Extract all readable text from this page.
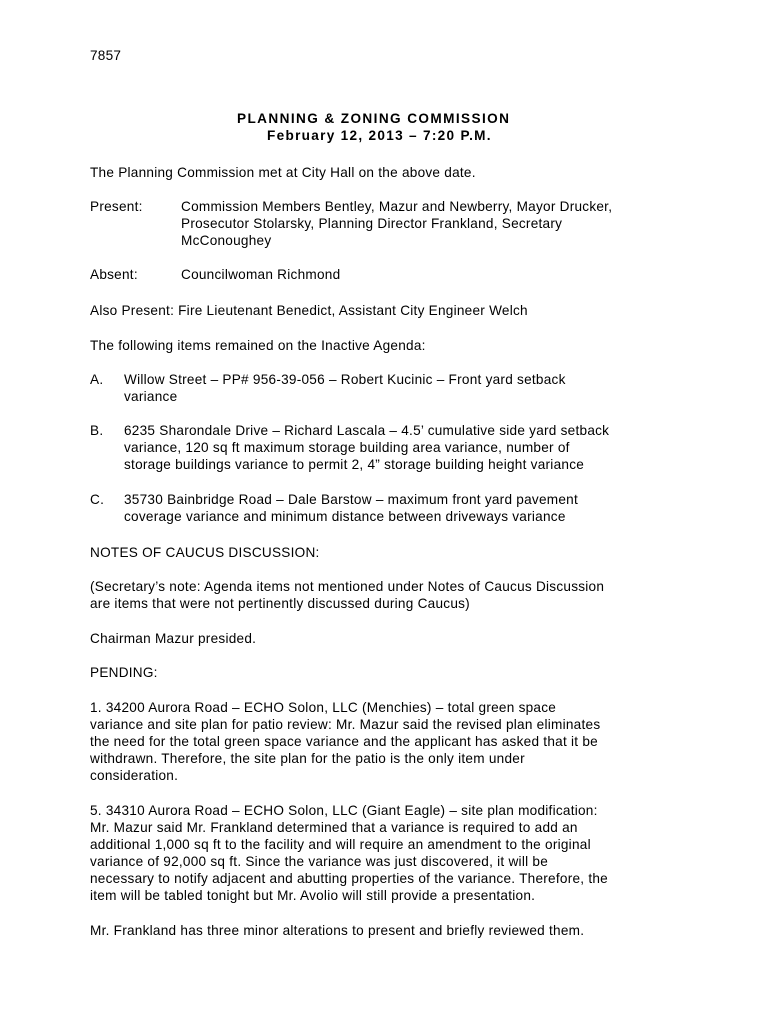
7857
PLANNING & ZONING COMMISSION
February 12, 2013 – 7:20 P.M.
The Planning Commission met at City Hall on the above date.
Present:	Commission Members Bentley, Mazur and Newberry, Mayor Drucker,
Prosecutor Stolarsky, Planning Director Frankland, Secretary
McConoughey
Absent:	Councilwoman Richmond
Also Present: Fire Lieutenant Benedict, Assistant City Engineer Welch
The following items remained on the Inactive Agenda:
A. Willow Street – PP# 956-39-056 – Robert Kucinic – Front yard setback
variance
B. 6235 Sharondale Drive – Richard Lascala – 4.5’ cumulative side yard setback
variance, 120 sq ft maximum storage building area variance, number of
storage buildings variance to permit 2, 4” storage building height variance
C. 35730 Bainbridge Road – Dale Barstow – maximum front yard pavement
coverage variance and minimum distance between driveways variance
NOTES OF CAUCUS DISCUSSION:
(Secretary’s note: Agenda items not mentioned under Notes of Caucus Discussion
are items that were not pertinently discussed during Caucus)
Chairman Mazur presided.
PENDING:
1. 34200 Aurora Road – ECHO Solon, LLC (Menchies) – total green space
variance and site plan for patio review: Mr. Mazur said the revised plan eliminates
the need for the total green space variance and the applicant has asked that it be
withdrawn. Therefore, the site plan for the patio is the only item under
consideration.
5. 34310 Aurora Road – ECHO Solon, LLC (Giant Eagle) – site plan modification:
Mr. Mazur said Mr. Frankland determined that a variance is required to add an
additional 1,000 sq ft to the facility and will require an amendment to the original
variance of 92,000 sq ft. Since the variance was just discovered, it will be
necessary to notify adjacent and abutting properties of the variance. Therefore, the
item will be tabled tonight but Mr. Avolio will still provide a presentation.
Mr. Frankland has three minor alterations to present and briefly reviewed them.
